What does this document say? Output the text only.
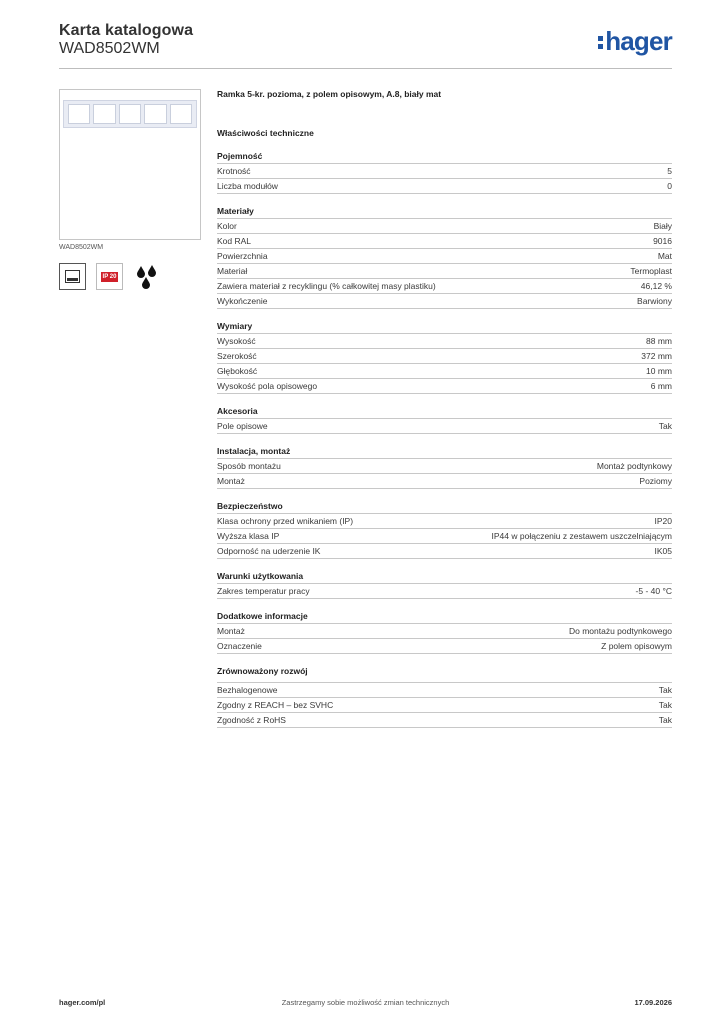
Karta katalogowa
WAD8502WM	hager
WAD8502WM
IP 20
Ramka 5-kr. pozioma, z polem opisowym, A.8, biały mat
Właściwości techniczne
Pojemność
Krotność	5
Liczba modułów	0
Materiały
Kolor	Biały
Kod RAL	9016
Powierzchnia	Mat
Materiał	Termoplast
Zawiera materiał z recyklingu (% całkowitej masy plastiku)	46,12 %
Wykończenie	Barwiony
Wymiary
Wysokość	88 mm
Szerokość	372 mm
Głębokość	10 mm
Wysokość pola opisowego	6 mm
Akcesoria
Pole opisowe	Tak
Instalacja, montaż
Sposób montażu	Montaż podtynkowy
Montaż	Poziomy
Bezpieczeństwo
Klasa ochrony przed wnikaniem (IP)	IP20
Wyższa klasa IP	IP44 w połączeniu z zestawem uszczelniającym
Odporność na uderzenie IK	IK05
Warunki użytkowania
Zakres temperatur pracy	-5 - 40 °C
Dodatkowe informacje
Montaż	Do montażu podtynkowego
Oznaczenie	Z polem opisowym
Zrównoważony rozwój
Bezhalogenowe	Tak
Zgodny z REACH – bez SVHC	Tak
Zgodność z RoHS	Tak
hager.com/pl	Zastrzegamy sobie możliwość zmian technicznych	17.09.2026
